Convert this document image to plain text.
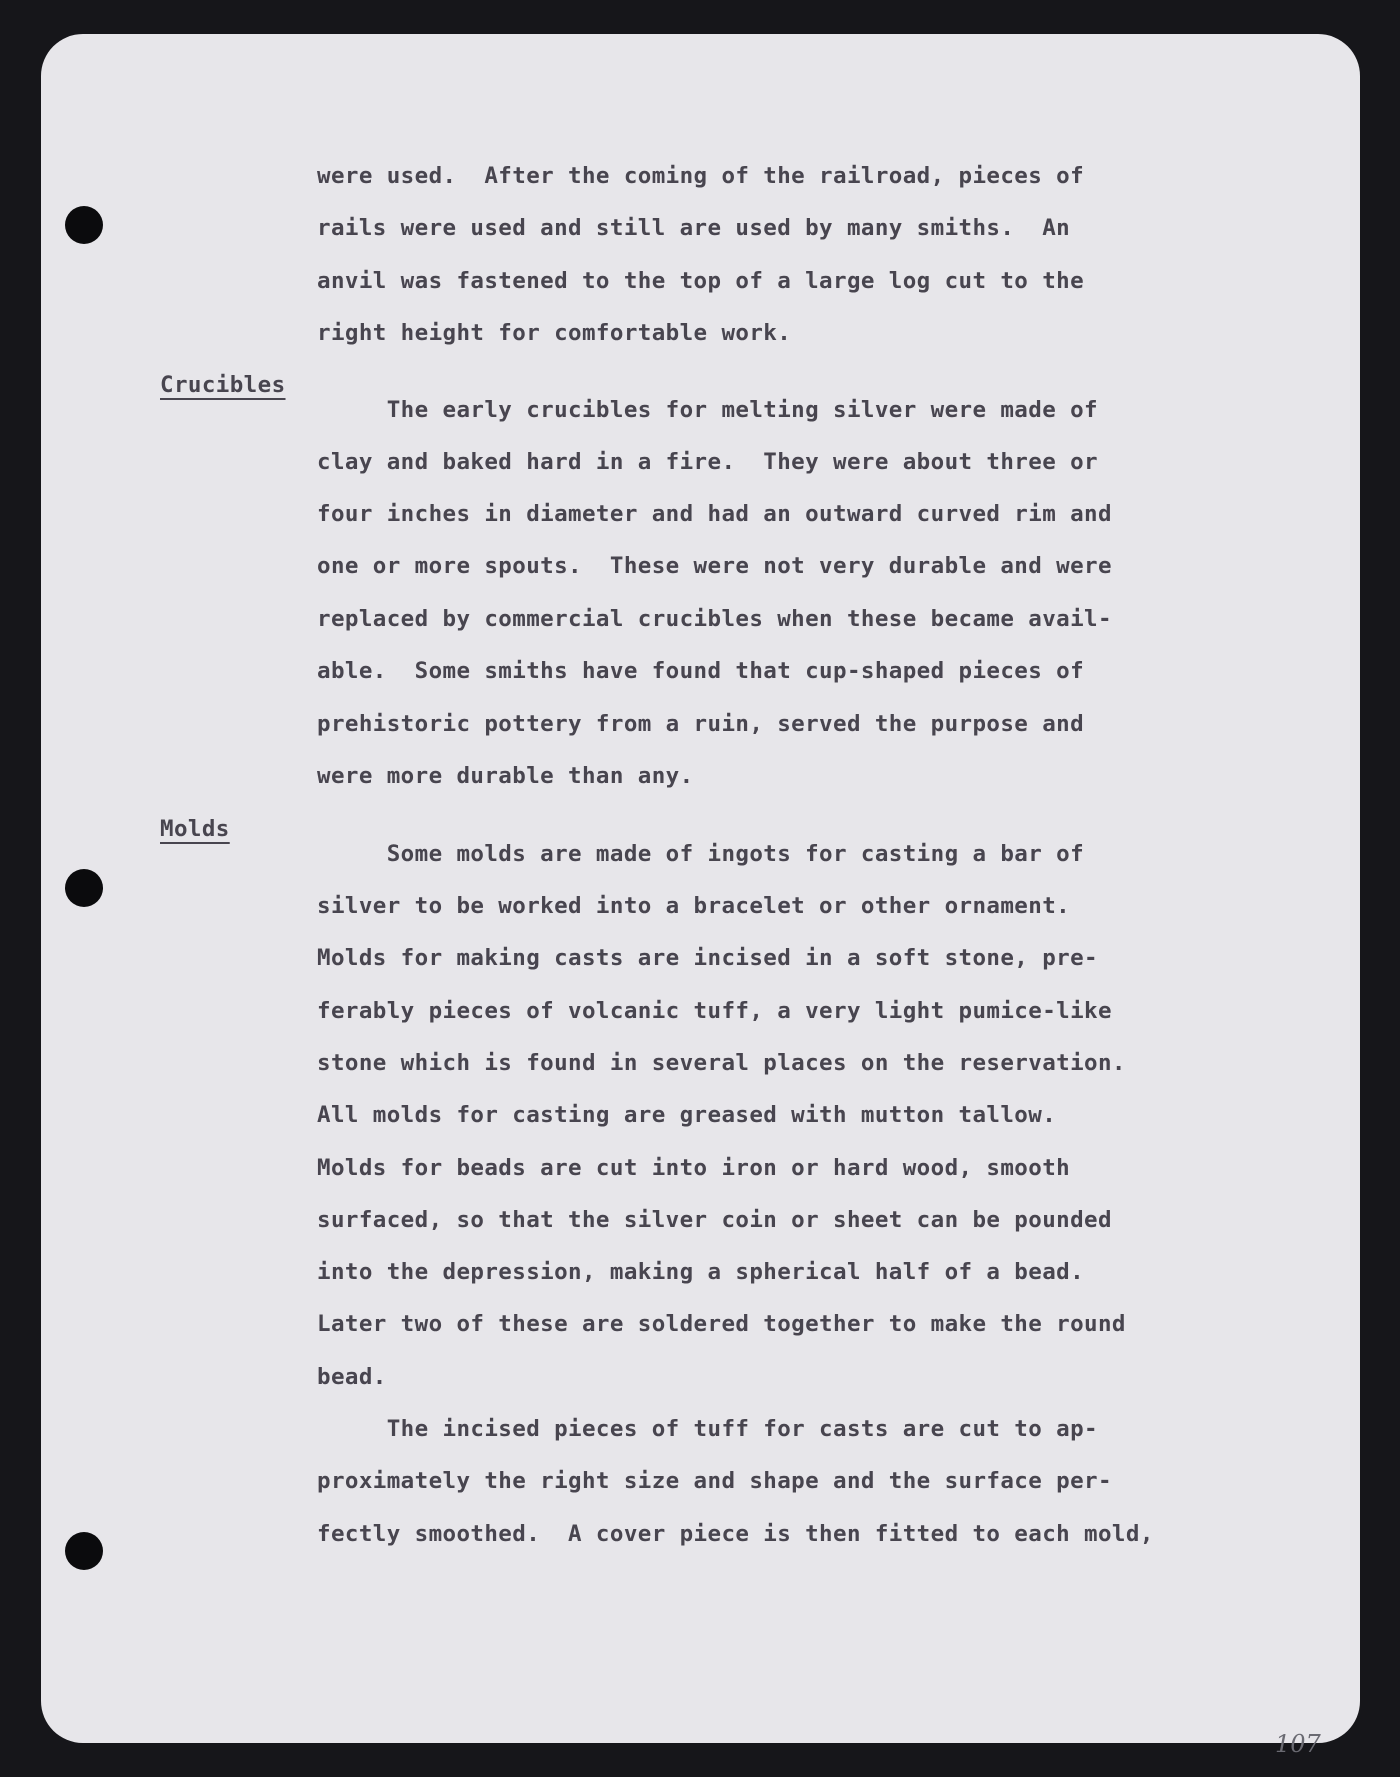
were used.  After the coming of the railroad, pieces of
rails were used and still are used by many smiths.  An
anvil was fastened to the top of a large log cut to the
right height for comfortable work.
Crucibles
The early crucibles for melting silver were made of
clay and baked hard in a fire.  They were about three or
four inches in diameter and had an outward curved rim and
one or more spouts.  These were not very durable and were
replaced by commercial crucibles when these became avail-
able.  Some smiths have found that cup-shaped pieces of
prehistoric pottery from a ruin, served the purpose and
were more durable than any.
Molds
Some molds are made of ingots for casting a bar of
silver to be worked into a bracelet or other ornament.
Molds for making casts are incised in a soft stone, pre-
ferably pieces of volcanic tuff, a very light pumice-like
stone which is found in several places on the reservation.
All molds for casting are greased with mutton tallow.
Molds for beads are cut into iron or hard wood, smooth
surfaced, so that the silver coin or sheet can be pounded
into the depression, making a spherical half of a bead.
Later two of these are soldered together to make the round
bead.
The incised pieces of tuff for casts are cut to ap-
proximately the right size and shape and the surface per-
fectly smoothed.  A cover piece is then fitted to each mold,
107
